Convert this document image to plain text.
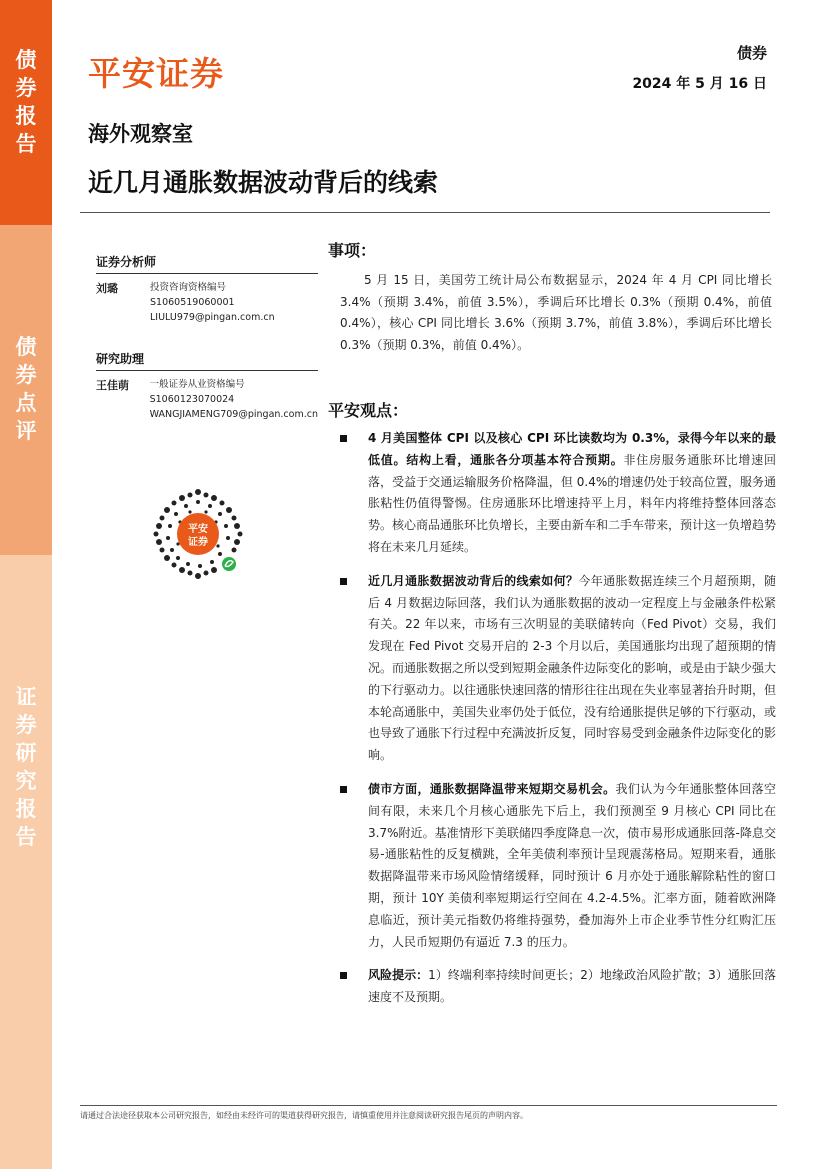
债
券
报
告
债
券
点
评
证
券
研
究
报
告
平安证券
债券
2024 年 5 月 16 日
海外观察室
近几月通胀数据波动背后的线索
证券分析师
刘璐	投资咨询资格编号
S1060519060001
LIULU979@pingan.com.cn
研究助理
王佳萌	一般证券从业资格编号
S1060123070024
WANGJIAMENG709@pingan.com.cn
平安
证券
事项：
5 月 15 日，美国劳工统计局公布数据显示，2024 年 4 月 CPI 同比增长 3.4%（预期 3.4%，前值 3.5%），季调后环比增长 0.3%（预期 0.4%，前值 0.4%），核心 CPI 同比增长 3.6%（预期 3.7%，前值 3.8%），季调后环比增长 0.3%（预期 0.3%，前值 0.4%）。
平安观点：
4 月美国整体 CPI 以及核心 CPI 环比读数均为 0.3%，录得今年以来的最低值。结构上看，通胀各分项基本符合预期。非住房服务通胀环比增速回落，受益于交通运输服务价格降温，但 0.4%的增速仍处于较高位置，服务通胀粘性仍值得警惕。住房通胀环比增速持平上月，料年内将维持整体回落态势。核心商品通胀环比负增长，主要由新车和二手车带来，预计这一负增趋势将在未来几月延续。
近几月通胀数据波动背后的线索如何？今年通胀数据连续三个月超预期，随后 4 月数据边际回落，我们认为通胀数据的波动一定程度上与金融条件松紧有关。22 年以来，市场有三次明显的美联储转向（Fed Pivot）交易，我们发现在 Fed Pivot 交易开启的 2-3 个月以后，美国通胀均出现了超预期的情况。而通胀数据之所以受到短期金融条件边际变化的影响，或是由于缺少强大的下行驱动力。以往通胀快速回落的情形往往出现在失业率显著抬升时期，但本轮高通胀中，美国失业率仍处于低位，没有给通胀提供足够的下行驱动，或也导致了通胀下行过程中充满波折反复，同时容易受到金融条件边际变化的影响。
债市方面，通胀数据降温带来短期交易机会。我们认为今年通胀整体回落空间有限，未来几个月核心通胀先下后上，我们预测至 9 月核心 CPI 同比在 3.7%附近。基准情形下美联储四季度降息一次，债市易形成通胀回落-降息交易-通胀粘性的反复横跳，全年美债利率预计呈现震荡格局。短期来看，通胀数据降温带来市场风险情绪缓释，同时预计 6 月亦处于通胀解除粘性的窗口期，预计 10Y 美债利率短期运行空间在 4.2-4.5%。汇率方面，随着欧洲降息临近，预计美元指数仍将维持强势，叠加海外上市企业季节性分红购汇压力，人民币短期仍有逼近 7.3 的压力。
风险提示：1）终端利率持续时间更长；2）地缘政治风险扩散；3）通胀回落速度不及预期。
请通过合法途径获取本公司研究报告，如经由未经许可的渠道获得研究报告，请慎重使用并注意阅读研究报告尾页的声明内容。
